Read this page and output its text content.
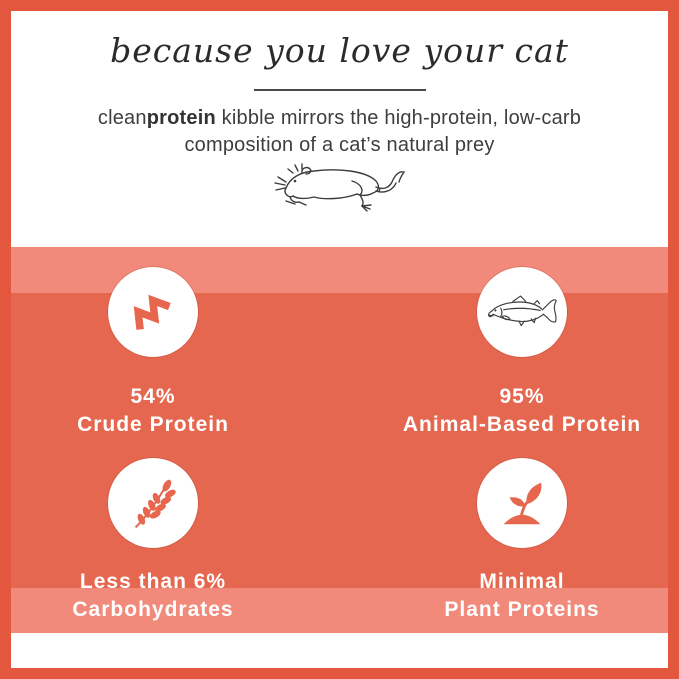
because you love your cat

cleanprotein kibble mirrors the high-protein, low-carb
composition of a cat’s natural prey

54%
Crude Protein
95%
Animal-Based Protein
Less than 6%
Carbohydrates
Minimal
Plant Proteins
